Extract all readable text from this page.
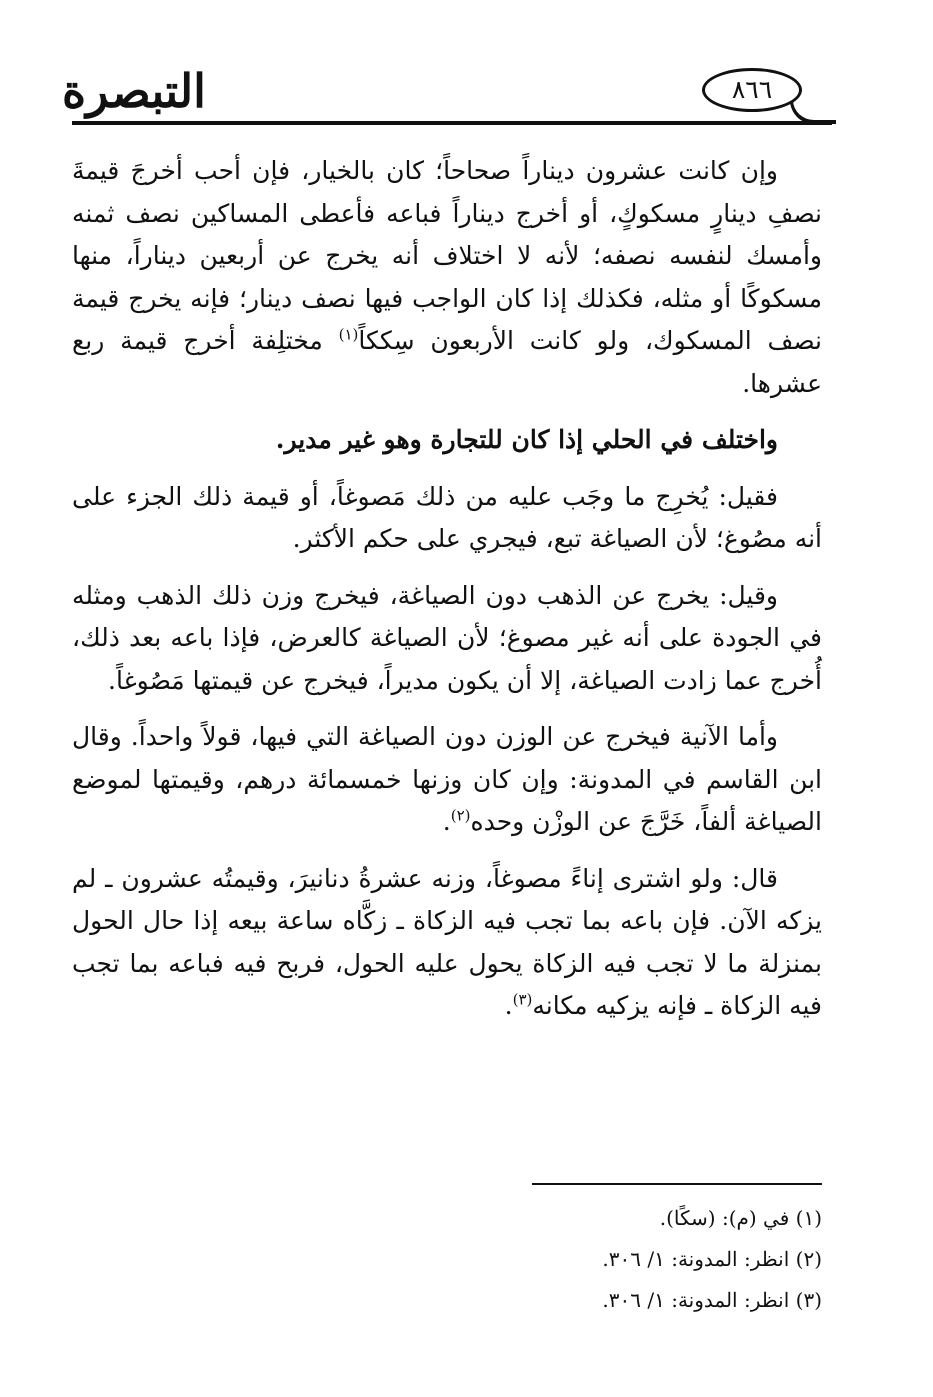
التبصرة	٨٦٦

وإن كانت عشرون ديناراً صحاحاً؛ كان بالخيار، فإن أحب أخرجَ قيمةَ نصفِ دينارٍ مسكوكٍ، أو أخرج ديناراً فباعه فأعطى المساكين نصف ثمنه وأمسك لنفسه نصفه؛ لأنه لا اختلاف أنه يخرج عن أربعين ديناراً، منها مسكوكًا أو مثله، فكذلك إذا كان الواجب فيها نصف دينار؛ فإنه يخرج قيمة نصف المسكوك، ولو كانت الأربعون سِككاً$^{(١)}$ مختلِفة أخرج قيمة ربع عشرها.

واختلف في الحلي إذا كان للتجارة وهو غير مدير.

فقيل: يُخرِج ما وجَب عليه من ذلك مَصوغاً، أو قيمة ذلك الجزء على أنه مصُوغ؛ لأن الصياغة تبع، فيجري على حكم الأكثر.

وقيل: يخرج عن الذهب دون الصياغة، فيخرج وزن ذلك الذهب ومثله في الجودة على أنه غير مصوغ؛ لأن الصياغة كالعرض، فإذا باعه بعد ذلك، أُخرج عما زادت الصياغة، إلا أن يكون مديراً، فيخرج عن قيمتها مَصُوغاً.

وأما الآنية فيخرج عن الوزن دون الصياغة التي فيها، قولاً واحداً. وقال ابن القاسم في المدونة: وإن كان وزنها خمسمائة درهم، وقيمتها لموضع الصياغة ألفاً، خَرَّجَ عن الوزْن وحده$^{(٢)}$.

قال: ولو اشترى إناءً مصوغاً، وزنه عشرةُ دنانيرَ، وقيمتُه عشرون ـ لم يزكه الآن. فإن باعه بما تجب فيه الزكاة ـ زكَّاه ساعة بيعه إذا حال الحول بمنزلة ما لا تجب فيه الزكاة يحول عليه الحول، فربح فيه فباعه بما تجب فيه الزكاة ـ فإنه يزكيه مكانه$^{(٣)}$.

(١) في (م): (سكًا).

(٢) انظر: المدونة: ١/ ٣٠٦.

(٣) انظر: المدونة: ١/ ٣٠٦.
